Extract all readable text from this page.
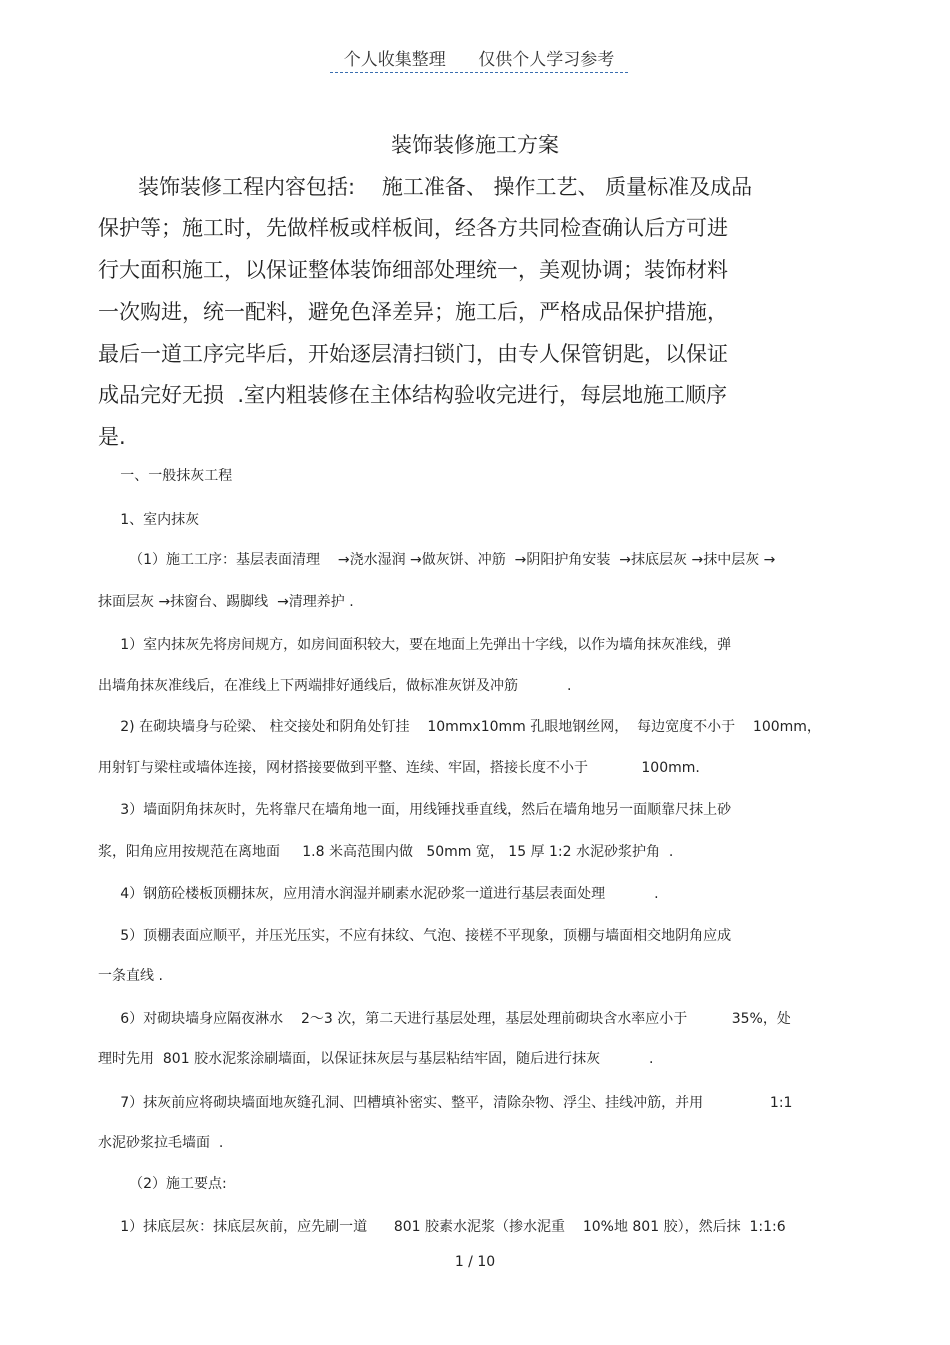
个人收集整理 仅供个人学习参考
装饰装修施工方案
装饰装修工程内容包括:    施工准备、 操作工艺、 质量标准及成品
保护等；施工时，先做样板或样板间，经各方共同检查确认后方可进
行大面积施工，以保证整体装饰细部处理统一，美观协调；装饰材料
一次购进，统一配料，避免色泽差异；施工后，严格成品保护措施，
最后一道工序完毕后，开始逐层清扫锁门，由专人保管钥匙，以保证
成品完好无损  .室内粗装修在主体结构验收完进行，每层地施工顺序
是.
一、一般抹灰工程
1、室内抹灰
（1）施工工序：基层表面清理    →浇水湿润 →做灰饼、冲筋  →阴阳护角安装  →抹底层灰 →抹中层灰 →
抹面层灰 →抹窗台、踢脚线  →清理养护 .
1）室内抹灰先将房间规方，如房间面积较大，要在地面上先弹出十字线，以作为墙角抹灰准线，弹
出墙角抹灰准线后，在准线上下两端排好通线后，做标准灰饼及冲筋           .
2) 在砌块墙身与砼梁、 柱交接处和阴角处钉挂    10mmx10mm 孔眼地钢丝网，  每边宽度不小于    100mm，
用射钉与梁柱或墙体连接，网材搭接要做到平整、连续、牢固，搭接长度不小于            100mm.
3）墙面阴角抹灰时，先将靠尺在墙角地一面，用线锤找垂直线，然后在墙角地另一面顺靠尺抹上砂
浆，阳角应用按规范在离地面     1.8 米高范围内做   50mm 宽， 15 厚 1:2 水泥砂浆护角  .
4）钢筋砼楼板顶棚抹灰，应用清水润湿并刷素水泥砂浆一道进行基层表面处理           .
5）顶棚表面应顺平，并压光压实，不应有抹纹、气泡、接槎不平现象，顶棚与墙面相交地阴角应成
一条直线 .
6）对砌块墙身应隔夜淋水    2～3 次，第二天进行基层处理，基层处理前砌块含水率应小于          35%，处
理时先用  801 胶水泥浆涂刷墙面，以保证抹灰层与基层粘结牢固，随后进行抹灰           .
7）抹灰前应将砌块墙面地灰缝孔洞、凹槽填补密实、整平，清除杂物、浮尘、挂线冲筋，并用               1:1
水泥砂浆拉毛墙面  .
（2）施工要点:
1）抹底层灰：抹底层灰前，应先刷一道      801 胶素水泥浆（掺水泥重    10%地 801 胶），然后抹  1:1:6
1 / 10
